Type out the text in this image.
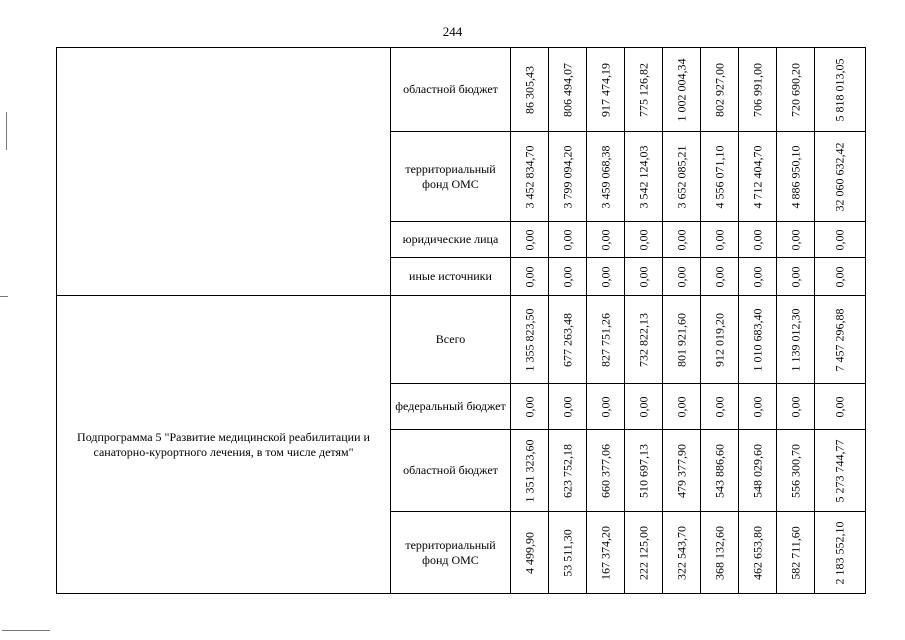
244
	областной бюджет	86 305,43	806 494,07	917 474,19	775 126,82	1 002 004,34	802 927,00	706 991,00	720 690,20	5 818 013,05

	территориальный фонд ОМС	3 452 834,70	3 799 094,20	3 459 068,38	3 542 124,03	3 652 085,21	4 556 071,10	4 712 404,70	4 886 950,10	32 060 632,42

	юридические лица	0,00	0,00	0,00	0,00	0,00	0,00	0,00	0,00	0,00

	иные источники	0,00	0,00	0,00	0,00	0,00	0,00	0,00	0,00	0,00

Подпрограмма 5 "Развитие медицинской реабилитации и санаторно-курортного лечения, в том числе детям"	Всего	1 355 823,50	677 263,48	827 751,26	732 822,13	801 921,60	912 019,20	1 010 683,40	1 139 012,30	7 457 296,88

	федеральный бюджет	0,00	0,00	0,00	0,00	0,00	0,00	0,00	0,00	0,00

	областной бюджет	1 351 323,60	623 752,18	660 377,06	510 697,13	479 377,90	543 886,60	548 029,60	556 300,70	5 273 744,77

	территориальный фонд ОМС	4 499,90	53 511,30	167 374,20	222 125,00	322 543,70	368 132,60	462 653,80	582 711,60	2 183 552,10
